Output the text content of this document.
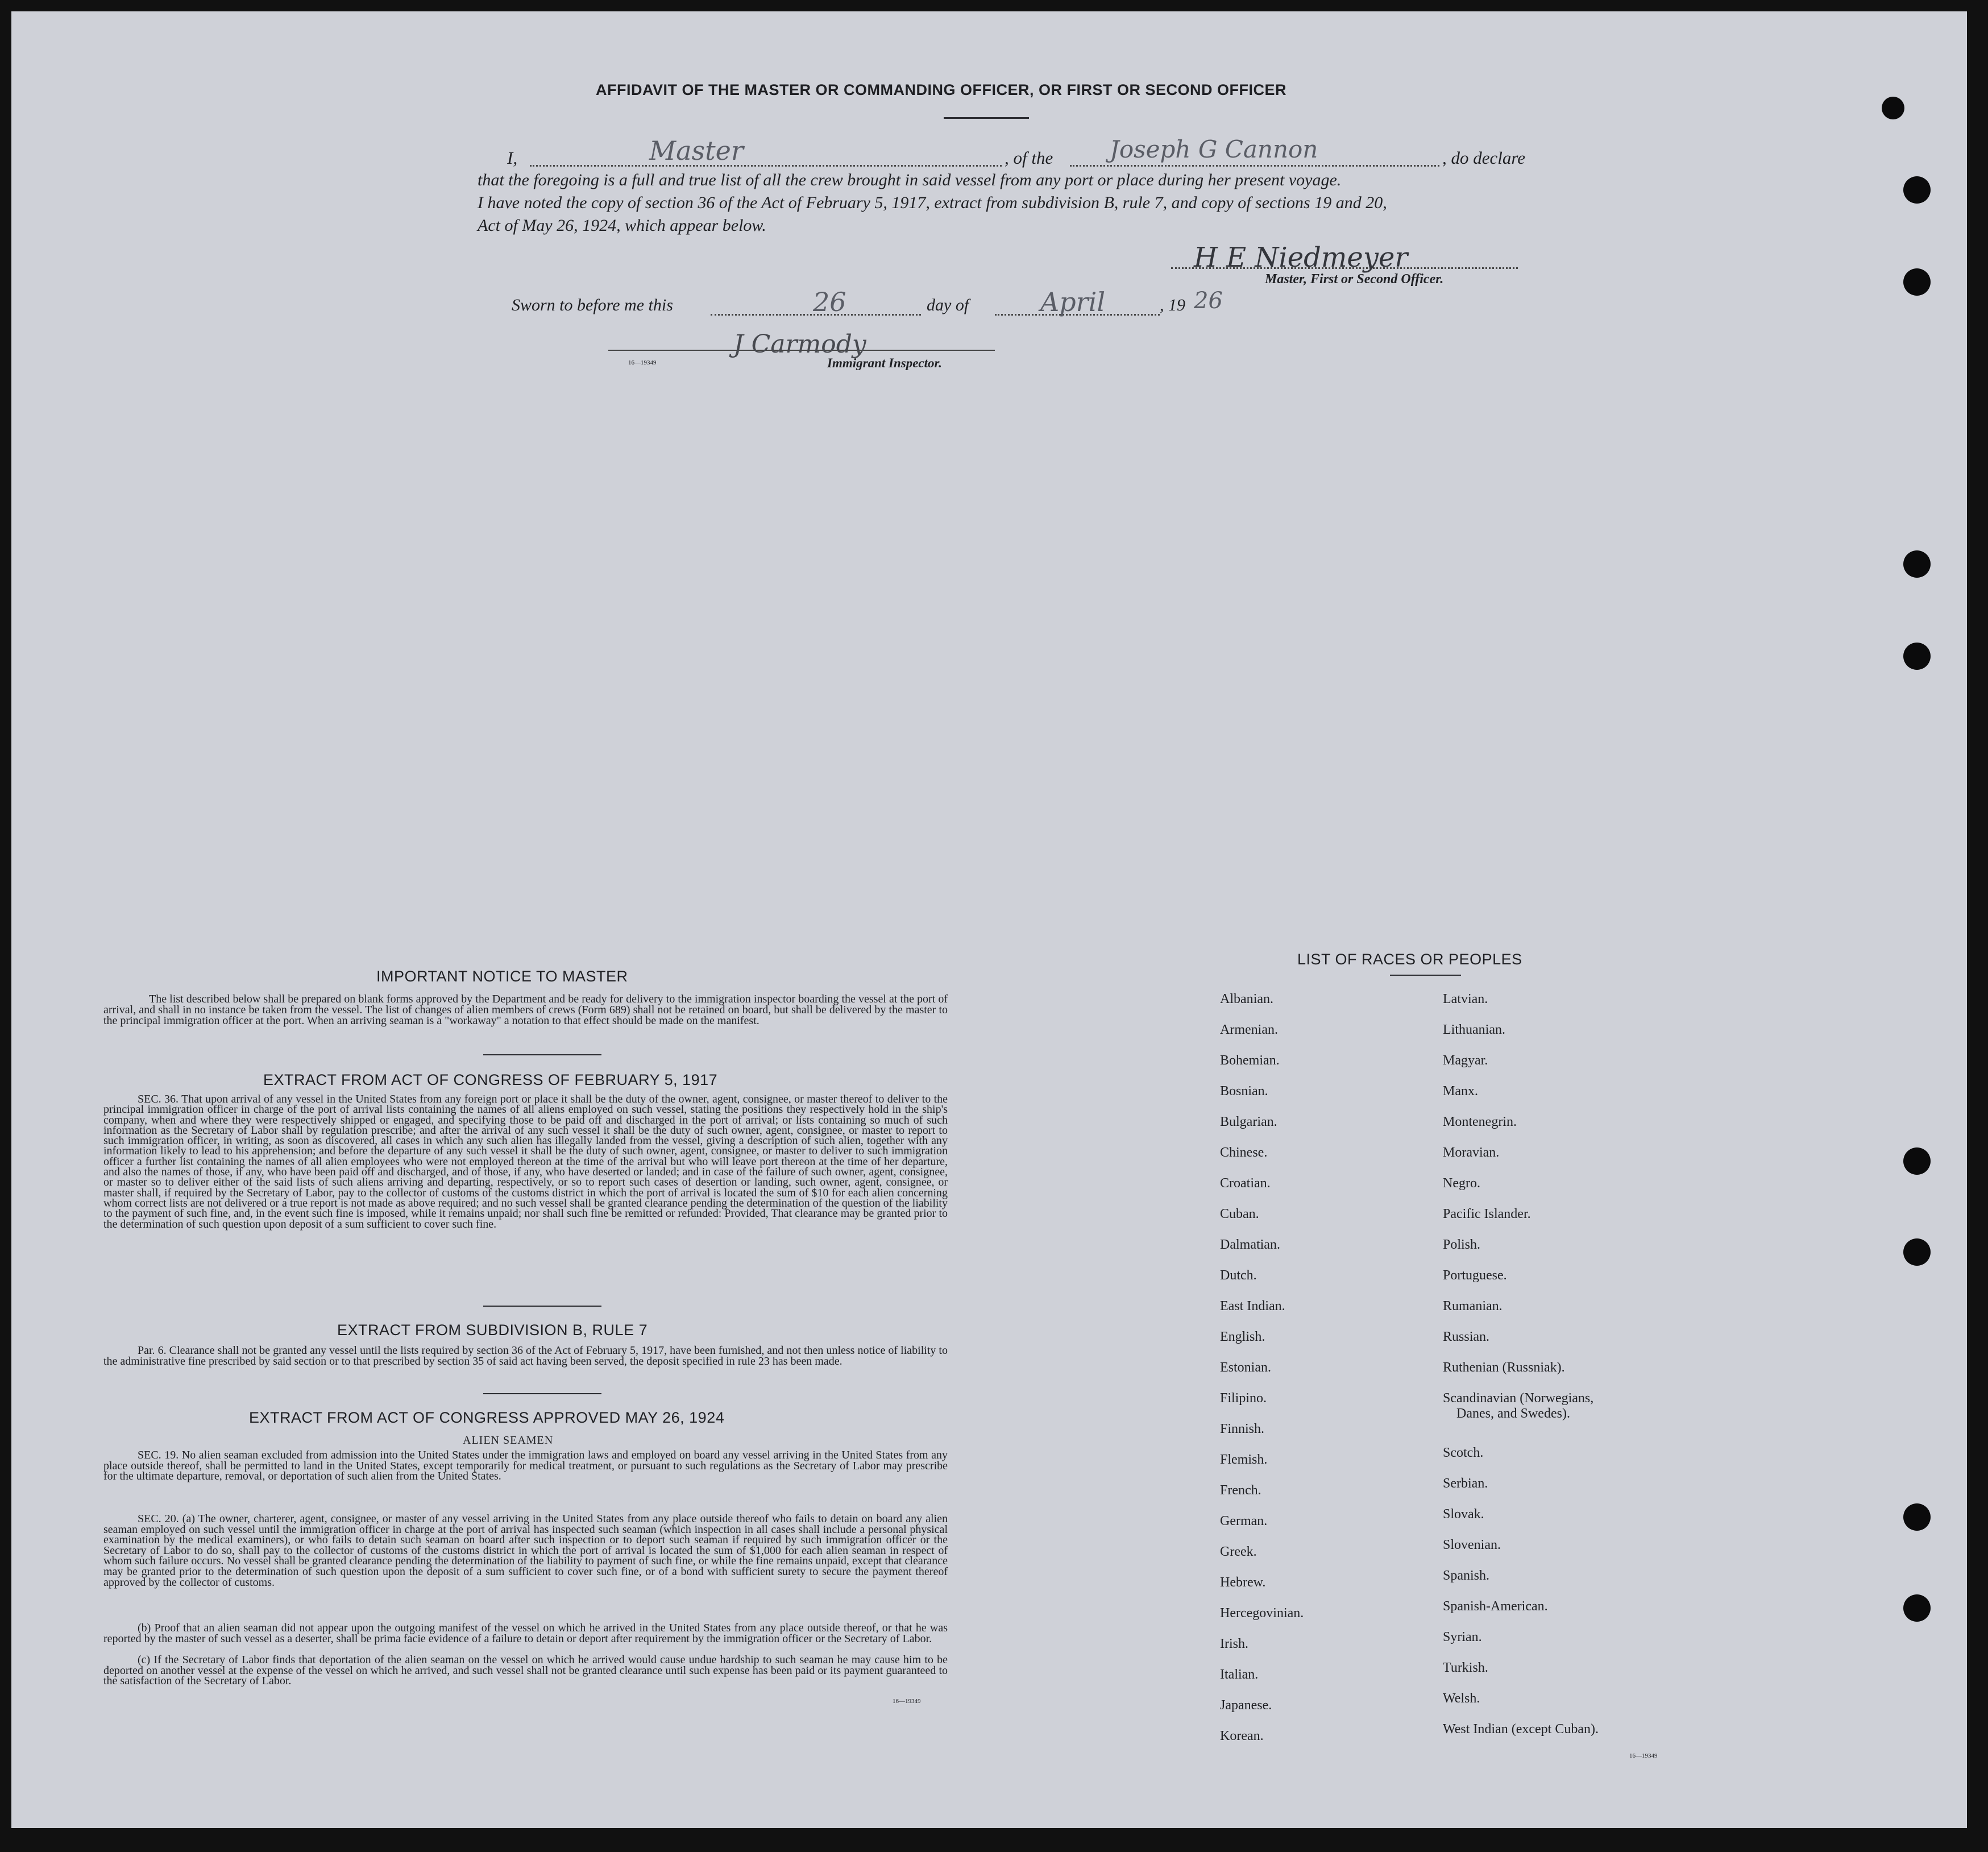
AFFIDAVIT OF THE MASTER OR COMMANDING OFFICER, OR FIRST OR SECOND OFFICER
I,	Master	, of the Joseph G Cannon	, do declare
that the foregoing is a full and true list of all the crew brought in said vessel from any port or place during her present voyage.
I have noted the copy of section 36 of the Act of February 5, 1917, extract from subdivision B, rule 7, and copy of sections 19 and 20,
Act of May 26, 1924, which appear below.
H E Niedmeyer
Master, First or Second Officer.
Sworn to before me this	26	day of	April	, 19 26
16—19349
J Carmody
Immigrant Inspector.
IMPORTANT NOTICE TO MASTER
The list described below shall be prepared on blank forms approved by the Department and be ready for delivery to the immigration inspector boarding the vessel at the port of arrival, and shall in no instance be taken from the vessel. The list of changes of alien members of crews (Form 689) shall not be retained on board, but shall be delivered by the master to the principal immigration officer at the port. When an arriving seaman is a "workaway" a notation to that effect should be made on the manifest.
EXTRACT FROM ACT OF CONGRESS OF FEBRUARY 5, 1917
SEC. 36. That upon arrival of any vessel in the United States from any foreign port or place it shall be the duty of the owner, agent, consignee, or master thereof to deliver to the principal immigration officer in charge of the port of arrival lists containing the names of all aliens employed on such vessel, stating the positions they respectively hold in the ship's company, when and where they were respectively shipped or engaged, and specifying those to be paid off and discharged in the port of arrival; or lists containing so much of such information as the Secretary of Labor shall by regulation prescribe; and after the arrival of any such vessel it shall be the duty of such owner, agent, consignee, or master to report to such immigration officer, in writing, as soon as discovered, all cases in which any such alien has illegally landed from the vessel, giving a description of such alien, together with any information likely to lead to his apprehension; and before the departure of any such vessel it shall be the duty of such owner, agent, consignee, or master to deliver to such immigration officer a further list containing the names of all alien employees who were not employed thereon at the time of the arrival but who will leave port thereon at the time of her departure, and also the names of those, if any, who have been paid off and discharged, and of those, if any, who have deserted or landed; and in case of the failure of such owner, agent, consignee, or master so to deliver either of the said lists of such aliens arriving and departing, respectively, or so to report such cases of desertion or landing, such owner, agent, consignee, or master shall, if required by the Secretary of Labor, pay to the collector of customs of the customs district in which the port of arrival is located the sum of $10 for each alien concerning whom correct lists are not delivered or a true report is not made as above required; and no such vessel shall be granted clearance pending the determination of the question of the liability to the payment of such fine, and, in the event such fine is imposed, while it remains unpaid; nor shall such fine be remitted or refunded: Provided, That clearance may be granted prior to the determination of such question upon deposit of a sum sufficient to cover such fine.
EXTRACT FROM SUBDIVISION B, RULE 7
Par. 6. Clearance shall not be granted any vessel until the lists required by section 36 of the Act of February 5, 1917, have been furnished, and not then unless notice of liability to the administrative fine prescribed by said section or to that prescribed by section 35 of said act having been served, the deposit specified in rule 23 has been made.
EXTRACT FROM ACT OF CONGRESS APPROVED MAY 26, 1924
ALIEN SEAMEN
SEC. 19. No alien seaman excluded from admission into the United States under the immigration laws and employed on board any vessel arriving in the United States from any place outside thereof, shall be permitted to land in the United States, except temporarily for medical treatment, or pursuant to such regulations as the Secretary of Labor may prescribe for the ultimate departure, removal, or deportation of such alien from the United States.
SEC. 20. (a) The owner, charterer, agent, consignee, or master of any vessel arriving in the United States from any place outside thereof who fails to detain on board any alien seaman employed on such vessel until the immigration officer in charge at the port of arrival has inspected such seaman (which inspection in all cases shall include a personal physical examination by the medical examiners), or who fails to detain such seaman on board after such inspection or to deport such seaman if required by such immigration officer or the Secretary of Labor to do so, shall pay to the collector of customs of the customs district in which the port of arrival is located the sum of $1,000 for each alien seaman in respect of whom such failure occurs. No vessel shall be granted clearance pending the determination of the liability to payment of such fine, or while the fine remains unpaid, except that clearance may be granted prior to the determination of such question upon the deposit of a sum sufficient to cover such fine, or of a bond with sufficient surety to secure the payment thereof approved by the collector of customs.
(b) Proof that an alien seaman did not appear upon the outgoing manifest of the vessel on which he arrived in the United States from any place outside thereof, or that he was reported by the master of such vessel as a deserter, shall be prima facie evidence of a failure to detain or deport after requirement by the immigration officer or the Secretary of Labor.
(c) If the Secretary of Labor finds that deportation of the alien seaman on the vessel on which he arrived would cause undue hardship to such seaman he may cause him to be deported on another vessel at the expense of the vessel on which he arrived, and such vessel shall not be granted clearance until such expense has been paid or its payment guaranteed to the satisfaction of the Secretary of Labor.
16—19349
LIST OF RACES OR PEOPLES
Albanian.
Armenian.
Bohemian.
Bosnian.
Bulgarian.
Chinese.
Croatian.
Cuban.
Dalmatian.
Dutch.
East Indian.
English.
Estonian.
Filipino.
Finnish.
Flemish.
French.
German.
Greek.
Hebrew.
Hercegovinian.
Irish.
Italian.
Japanese.
Korean.
Latvian.
Lithuanian.
Magyar.
Manx.
Montenegrin.
Moravian.
Negro.
Pacific Islander.
Polish.
Portuguese.
Rumanian.
Russian.
Ruthenian (Russniak).
Scandinavian (Norwegians,
Danes, and Swedes).
Scotch.
Serbian.
Slovak.
Slovenian.
Spanish.
Spanish-American.
Syrian.
Turkish.
Welsh.
West Indian (except Cuban).
16—19349
